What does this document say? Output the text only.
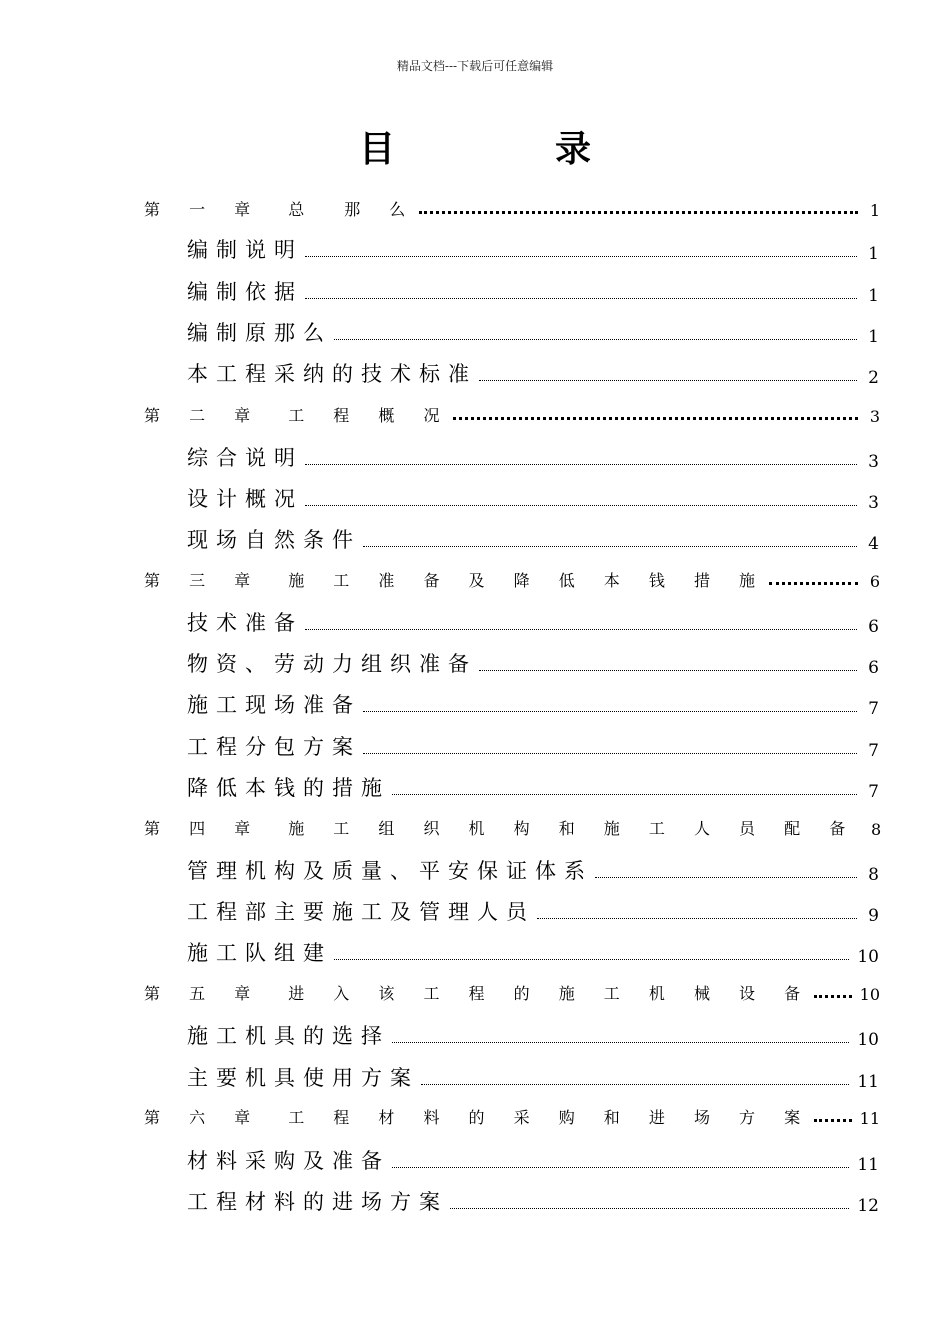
精品文档---下载后可任意编辑
目	录
第 一 章 总　那 么	1
编制说明	1
编制依据	1
编制原那么	1
本工程采纳的技术标准	2
第 二 章 工 程 概 况	3
综合说明	3
设计概况	3
现场自然条件	4
第 三 章 施 工 准 备 及 降 低 本 钱 措 施	6
技术准备	6
物资、劳动力组织准备	6
施工现场准备	7
工程分包方案	7
降低本钱的措施	7
第 四 章 施 工 组 织 机 构 和 施 工 人 员 配 备 8
管理机构及质量、平安保证体系	8
工程部主要施工及管理人员	9
施工队组建	10
第 五 章 进 入 该 工 程 的 施 工 机 械 设 备	10
施工机具的选择	10
主要机具使用方案	11
第 六 章 工 程 材 料 的 采 购 和 进 场 方 案	11
材料采购及准备	11
工程材料的进场方案	12
